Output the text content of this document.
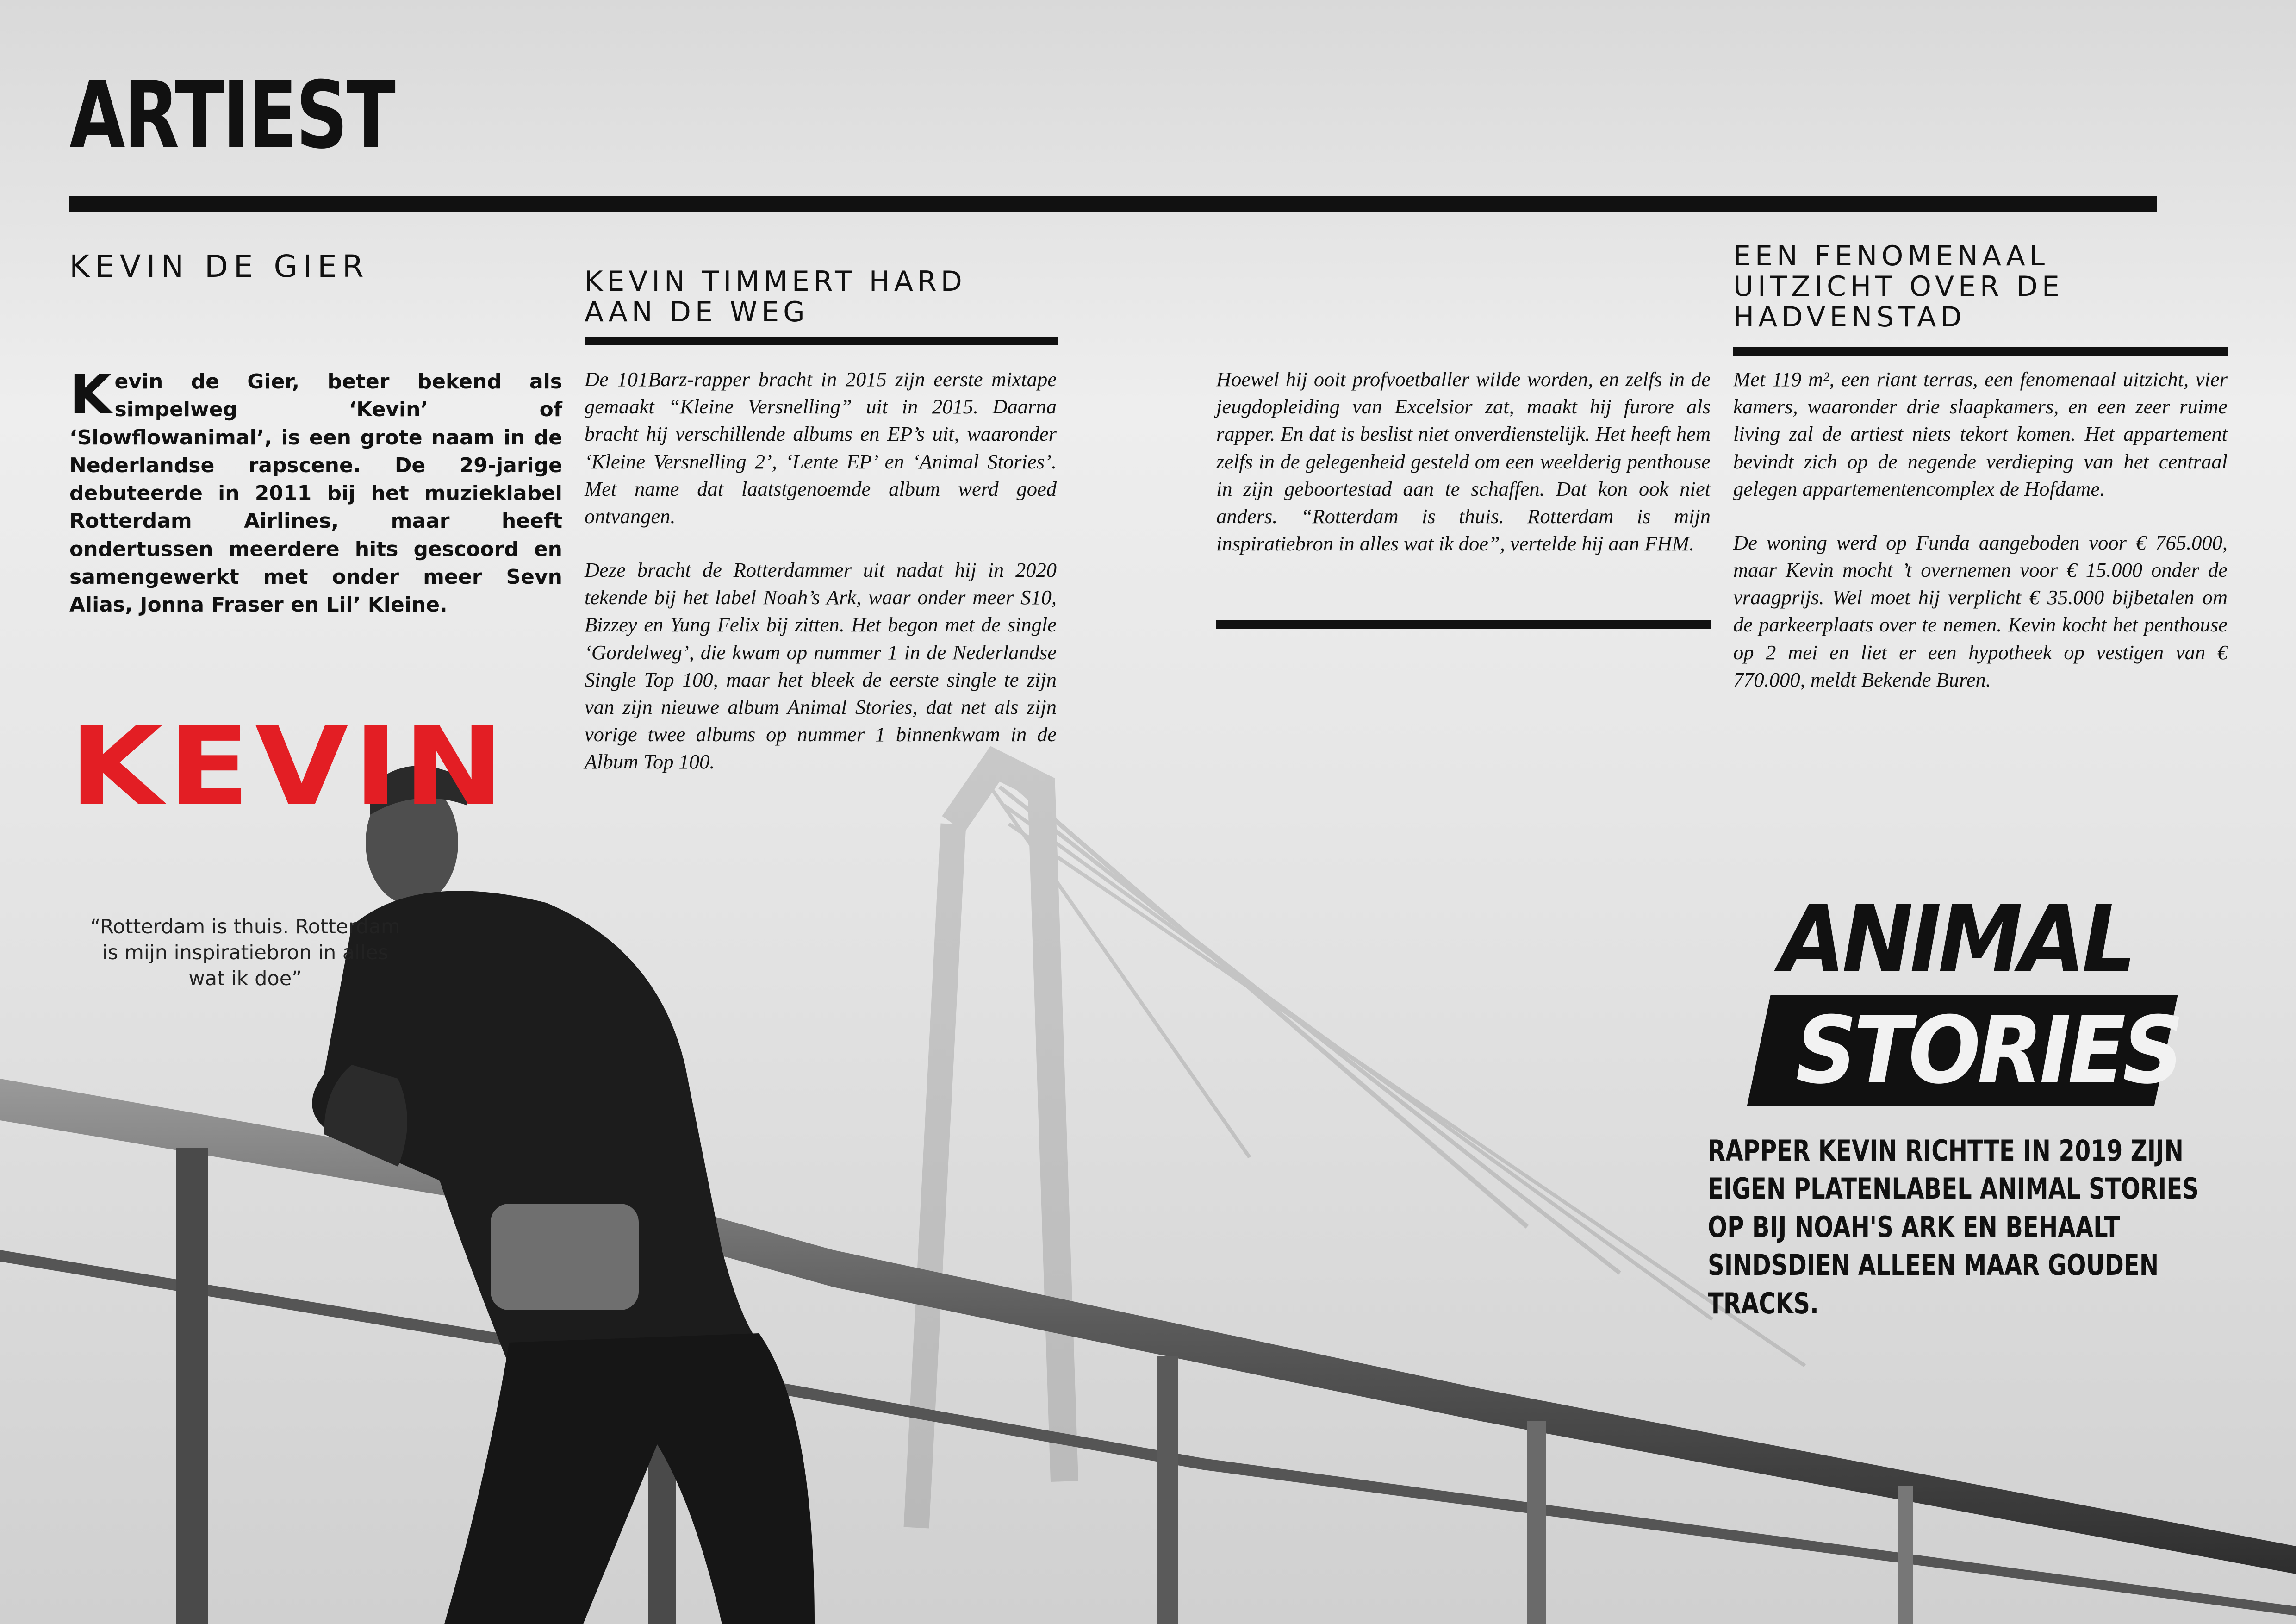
ARTIEST
KEVIN DE GIER
Kevin de Gier, beter bekend als simpelweg ‘Kevin’ of ‘Slowflowanimal’, is een grote naam in de Nederlandse rapscene. De 29-jarige debuteerde in 2011 bij het muzieklabel Rotterdam Airlines, maar heeft ondertussen meerdere hits gescoord en samengewerkt met onder meer Sevn Alias, Jonna Fraser en Lil’ Kleine.
KEVIN
“Rotterdam is thuis. Rotterdam is mijn inspiratiebron in alles wat ik doe”
KEVIN TIMMERT HARD AAN DE WEG

De 101Barz-rapper bracht in 2015 zijn eerste mixtape gemaakt “Kleine Versnelling” uit in 2015. Daarna bracht hij verschillende albums en EP’s uit, waaronder ‘Kleine Versnelling 2’, ‘Lente EP’ en ‘Animal Stories’. Met name dat laatstgenoemde album werd goed ontvangen.

Deze bracht de Rotterdammer uit nadat hij in 2020 tekende bij het label Noah’s Ark, waar onder meer S10, Bizzey en Yung Felix bij zitten. Het begon met de single ‘Gordelweg’, die kwam op nummer 1 in de Nederlandse Single Top 100, maar het bleek de eerste single te zijn van zijn nieuwe album Animal Stories, dat net als zijn vorige twee albums op nummer 1 binnenkwam in de Album Top 100.

Hoewel hij ooit profvoetballer wilde worden, en zelfs in de jeugdopleiding van Excelsior zat, maakt hij furore als rapper. En dat is beslist niet onverdienstelijk. Het heeft hem zelfs in de gelegenheid gesteld om een weelderig penthouse in zijn geboortestad aan te schaffen. Dat kon ook niet anders. “Rotterdam is thuis. Rotterdam is mijn inspiratiebron in alles wat ik doe”, vertelde hij aan FHM.

EEN FENOMENAAL UITZICHT OVER DE HADVENSTAD

Met 119 m², een riant terras, een fenomenaal uitzicht, vier kamers, waaronder drie slaapkamers, en een zeer ruime living zal de artiest niets tekort komen. Het appartement bevindt zich op de negende verdieping van het centraal gelegen appartementencomplex de Hofdame.

De woning werd op Funda aangeboden voor € 765.000, maar Kevin mocht ’t overnemen voor € 15.000 onder de vraagprijs. Wel moet hij verplicht € 35.000 bijbetalen om de parkeerplaats over te nemen. Kevin kocht het penthouse op 2 mei en liet er een hypotheek op vestigen van € 770.000, meldt Bekende Buren.

ANIMAL
STORIES
RAPPER KEVIN RICHTTE IN 2019 ZIJN EIGEN PLATENLABEL ANIMAL STORIES OP BIJ NOAH'S ARK EN BEHAALT SINDSDIEN ALLEEN MAAR GOUDEN TRACKS.
